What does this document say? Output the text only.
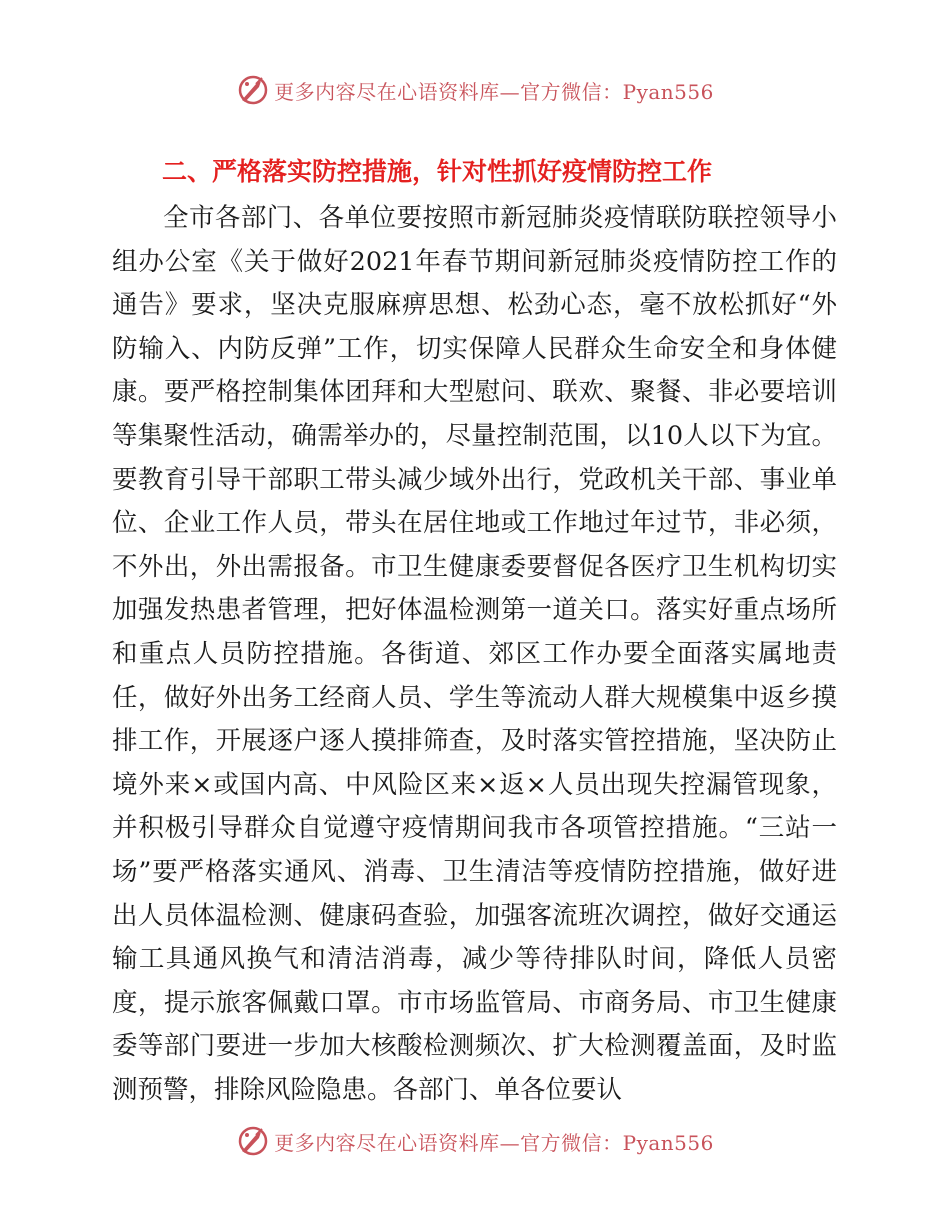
更多内容尽在心语资料库—官方微信：Pyan556
二、严格落实防控措施，针对性抓好疫情防控工作
全市各部门、各单位要按照市新冠肺炎疫情联防联控领导小组办公室《关于做好2021年春节期间新冠肺炎疫情防控工作的通告》要求，坚决克服麻痹思想、松劲心态，毫不放松抓好“外防输入、内防反弹”工作，切实保障人民群众生命安全和身体健康。要严格控制集体团拜和大型慰问、联欢、聚餐、非必要培训等集聚性活动，确需举办的，尽量控制范围，以10人以下为宜。要教育引导干部职工带头减少域外出行，党政机关干部、事业单位、企业工作人员，带头在居住地或工作地过年过节，非必须，不外出，外出需报备。市卫生健康委要督促各医疗卫生机构切实加强发热患者管理，把好体温检测第一道关口。落实好重点场所和重点人员防控措施。各街道、郊区工作办要全面落实属地责任，做好外出务工经商人员、学生等流动人群大规模集中返乡摸排工作，开展逐户逐人摸排筛查，及时落实管控措施，坚决防止境外来×或国内高、中风险区来×返×人员出现失控漏管现象，并积极引导群众自觉遵守疫情期间我市各项管控措施。“三站一场”要严格落实通风、消毒、卫生清洁等疫情防控措施，做好进出人员体温检测、健康码查验，加强客流班次调控，做好交通运输工具通风换气和清洁消毒，减少等待排队时间，降低人员密度，提示旅客佩戴口罩。市市场监管局、市商务局、市卫生健康委等部门要进一步加大核酸检测频次、扩大检测覆盖面，及时监测预警，排除风险隐患。各部门、单各位要认
更多内容尽在心语资料库—官方微信：Pyan556
